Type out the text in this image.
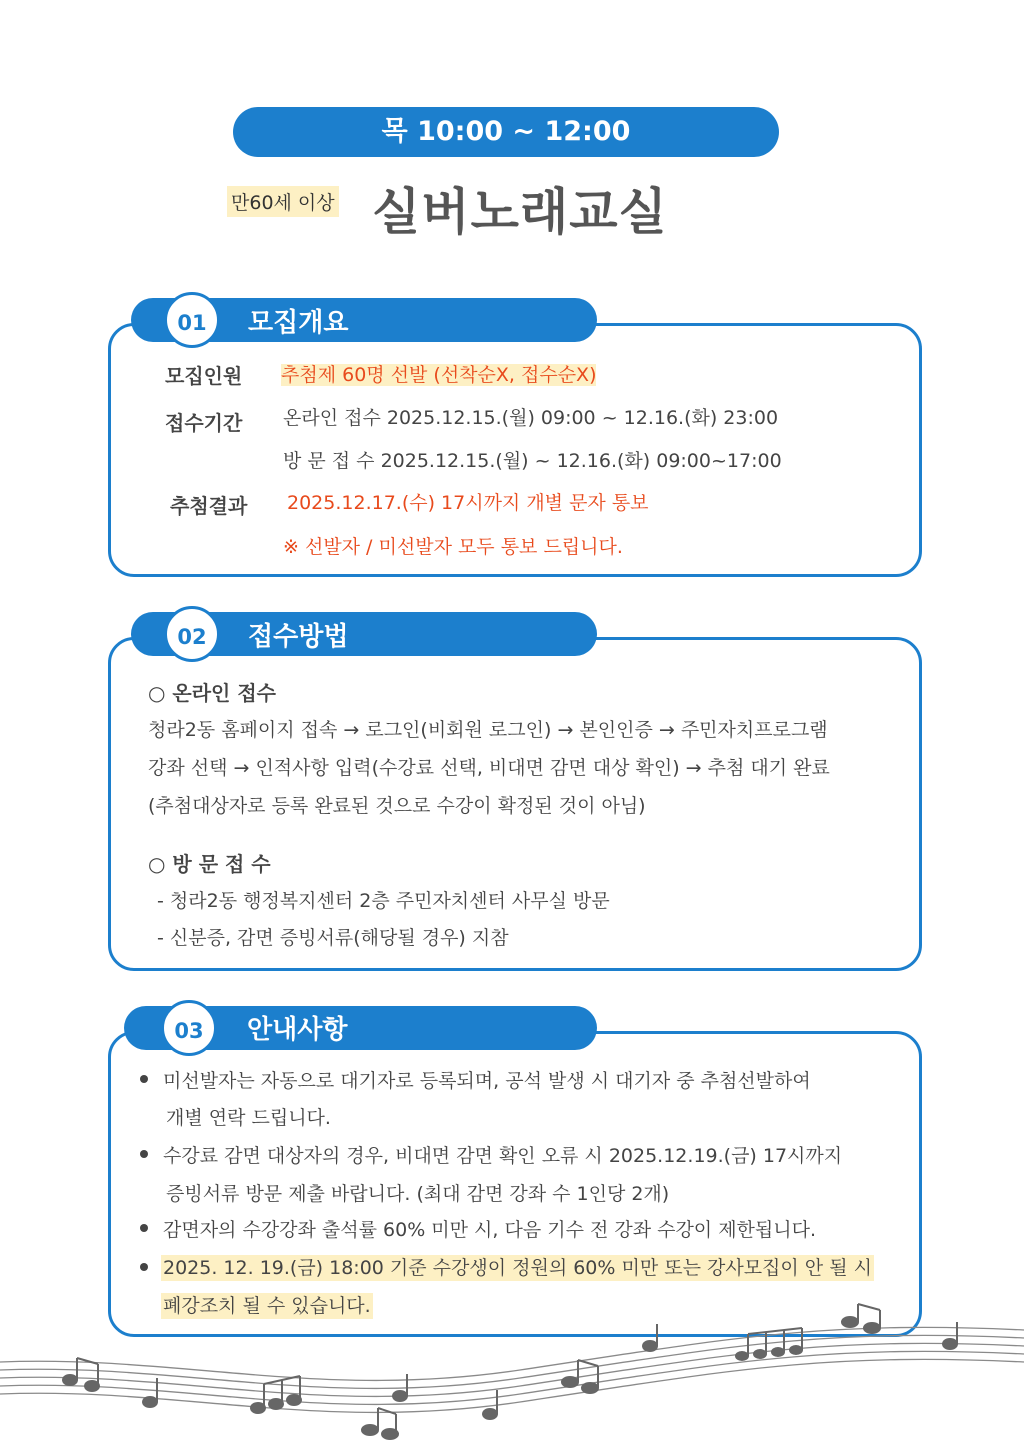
목 10:00 ~ 12:00
만60세 이상 실버노래교실
01	모집개요
모집인원 추첨제 60명 선발 (선착순X, 접수순X)
접수기간 온라인 접수 2025.12.15.(월) 09:00 ~ 12.16.(화) 23:00
방 문 접 수 2025.12.15.(월) ~ 12.16.(화) 09:00~17:00
추첨결과 2025.12.17.(수) 17시까지 개별 문자 통보
※ 선발자 / 미선발자 모두 통보 드립니다.
02	접수방법
○ 온라인 접수
청라2동 홈페이지 접속 → 로그인(비회원 로그인) → 본인인증 → 주민자치프로그램
강좌 선택 → 인적사항 입력(수강료 선택, 비대면 감면 대상 확인) → 추첨 대기 완료
(추첨대상자로 등록 완료된 것으로 수강이 확정된 것이 아님)
○ 방 문 접 수
- 청라2동 행정복지센터 2층 주민자치센터 사무실 방문
- 신분증, 감면 증빙서류(해당될 경우) 지참
03	안내사항
미선발자는 자동으로 대기자로 등록되며, 공석 발생 시 대기자 중 추첨선발하여
개별 연락 드립니다.
수강료 감면 대상자의 경우, 비대면 감면 확인 오류 시 2025.12.19.(금) 17시까지
증빙서류 방문 제출 바랍니다. (최대 감면 강좌 수 1인당 2개)
감면자의 수강강좌 출석률 60% 미만 시, 다음 기수 전 강좌 수강이 제한됩니다.
2025. 12. 19.(금) 18:00 기준 수강생이 정원의 60% 미만 또는 강사모집이 안 될 시
폐강조치 될 수 있습니다.
